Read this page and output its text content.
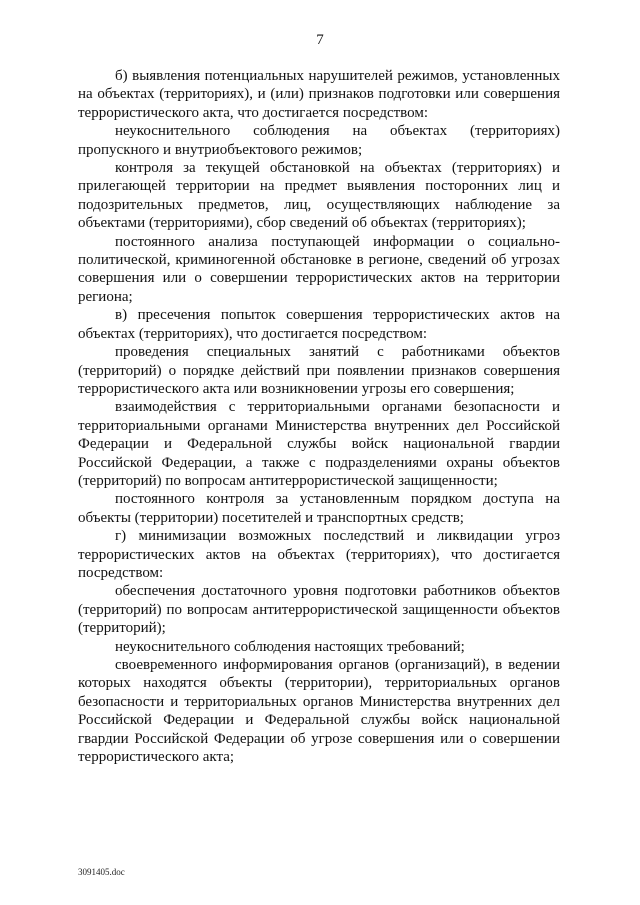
7

б) выявления потенциальных нарушителей режимов, установленных на объектах (территориях), и (или) признаков подготовки или совершения террористического акта, что достигается посредством:

неукоснительного соблюдения на объектах (территориях) пропускного и внутриобъектового режимов;

контроля за текущей обстановкой на объектах (территориях) и прилегающей территории на предмет выявления посторонних лиц и подозрительных предметов, лиц, осуществляющих наблюдение за объектами (территориями), сбор сведений об объектах (территориях);

постоянного анализа поступающей информации о социально-политической, криминогенной обстановке в регионе, сведений об угрозах совершения или о совершении террористических актов на территории региона;

в) пресечения попыток совершения террористических актов на объектах (территориях), что достигается посредством:

проведения специальных занятий с работниками объектов (территорий) о порядке действий при появлении признаков совершения террористического акта или возникновении угрозы его совершения;

взаимодействия с территориальными органами безопасности и территориальными органами Министерства внутренних дел Российской Федерации и Федеральной службы войск национальной гвардии Российской Федерации, а также с подразделениями охраны объектов (территорий) по вопросам антитеррористической защищенности;

постоянного контроля за установленным порядком доступа на объекты (территории) посетителей и транспортных средств;

г) минимизации возможных последствий и ликвидации угроз террористических актов на объектах (территориях), что достигается посредством:

обеспечения достаточного уровня подготовки работников объектов (территорий) по вопросам антитеррористической защищенности объектов (территорий);

неукоснительного соблюдения настоящих требований;

своевременного информирования органов (организаций), в ведении которых находятся объекты (территории), территориальных органов безопасности и территориальных органов Министерства внутренних дел Российской Федерации и Федеральной службы войск национальной гвардии Российской Федерации об угрозе совершения или о совершении террористического акта;

3091405.doc
